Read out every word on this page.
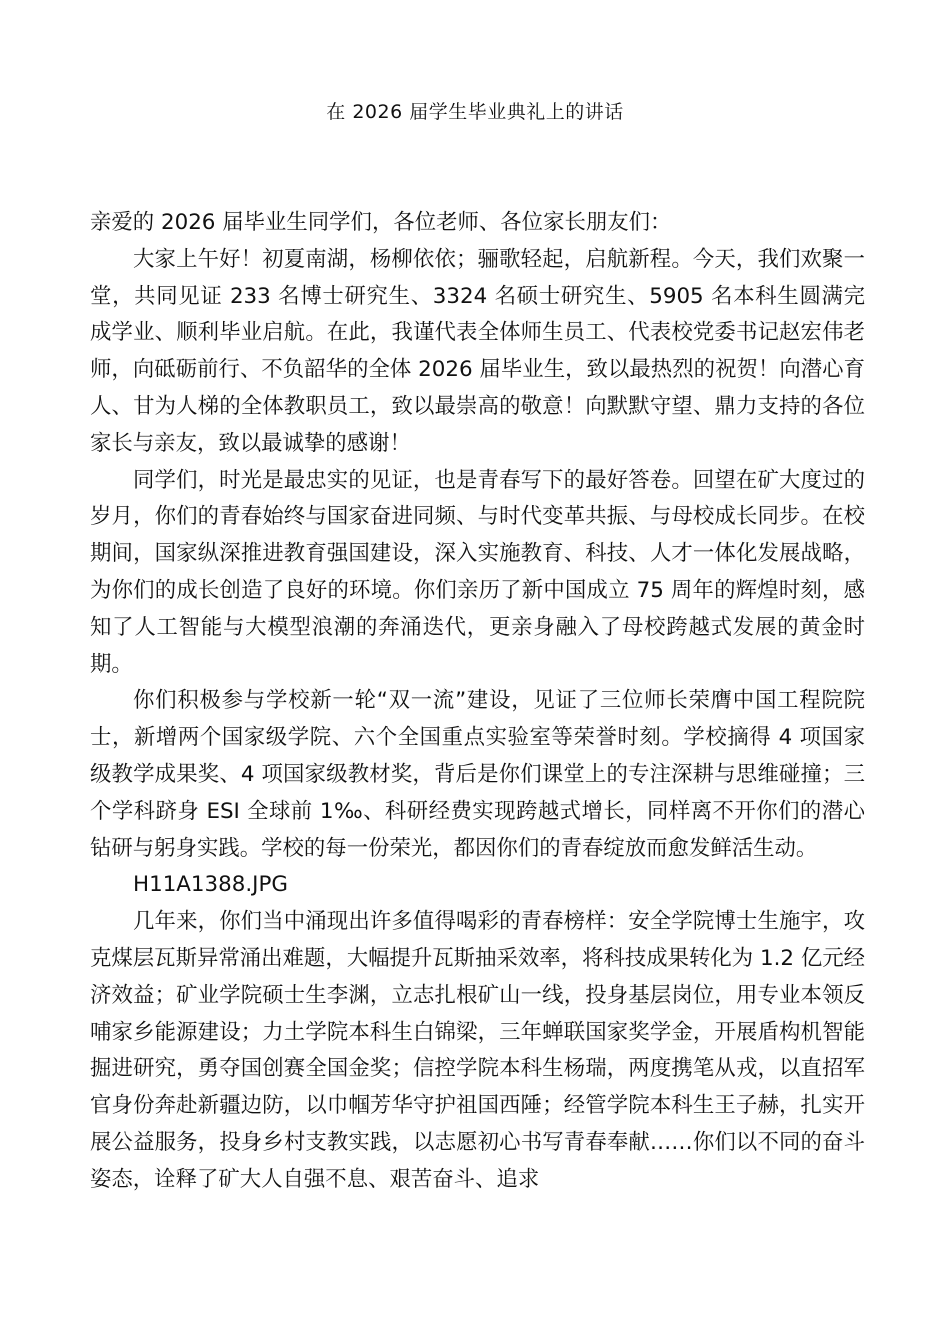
在 2026 届学生毕业典礼上的讲话

亲爱的 2026 届毕业生同学们，各位老师、各位家长朋友们：

大家上午好！初夏南湖，杨柳依依；骊歌轻起，启航新程。今天，我们欢聚一堂，共同见证 233 名博士研究生、3324 名硕士研究生、5905 名本科生圆满完成学业、顺利毕业启航。在此，我谨代表全体师生员工、代表校党委书记赵宏伟老师，向砥砺前行、不负韶华的全体 2026 届毕业生，致以最热烈的祝贺！向潜心育人、甘为人梯的全体教职员工，致以最崇高的敬意！向默默守望、鼎力支持的各位家长与亲友，致以最诚挚的感谢！

同学们，时光是最忠实的见证，也是青春写下的最好答卷。回望在矿大度过的岁月，你们的青春始终与国家奋进同频、与时代变革共振、与母校成长同步。在校期间，国家纵深推进教育强国建设，深入实施教育、科技、人才一体化发展战略，为你们的成长创造了良好的环境。你们亲历了新中国成立 75 周年的辉煌时刻，感知了人工智能与大模型浪潮的奔涌迭代，更亲身融入了母校跨越式发展的黄金时期。

你们积极参与学校新一轮“双一流”建设，见证了三位师长荣膺中国工程院院士，新增两个国家级学院、六个全国重点实验室等荣誉时刻。学校摘得 4 项国家级教学成果奖、4 项国家级教材奖，背后是你们课堂上的专注深耕与思维碰撞；三个学科跻身 ESI 全球前 1‰、科研经费实现跨越式增长，同样离不开你们的潜心钻研与躬身实践。学校的每一份荣光，都因你们的青春绽放而愈发鲜活生动。

H11A1388.JPG

几年来，你们当中涌现出许多值得喝彩的青春榜样：安全学院博士生施宇，攻克煤层瓦斯异常涌出难题，大幅提升瓦斯抽采效率，将科技成果转化为 1.2 亿元经济效益；矿业学院硕士生李渊，立志扎根矿山一线，投身基层岗位，用专业本领反哺家乡能源建设；力土学院本科生白锦梁，三年蝉联国家奖学金，开展盾构机智能掘进研究，勇夺国创赛全国金奖；信控学院本科生杨瑞，两度携笔从戎，以直招军官身份奔赴新疆边防，以巾帼芳华守护祖国西陲；经管学院本科生王子赫，扎实开展公益服务，投身乡村支教实践，以志愿初心书写青春奉献……你们以不同的奋斗姿态，诠释了矿大人自强不息、艰苦奋斗、追求
